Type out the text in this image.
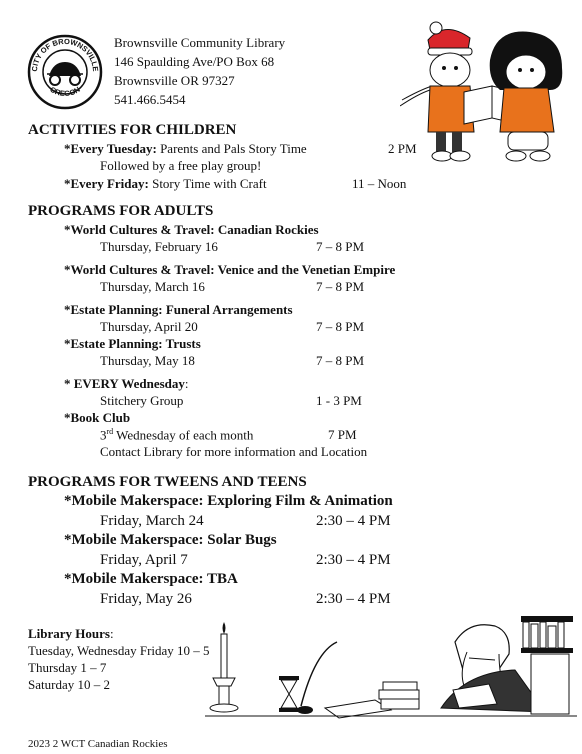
CITY OF BROWNSVILLE
OREGON
Brownsville Community Library
146 Spaulding Ave/PO Box 68
Brownsville OR 97327
541.466.5454
ACTIVITIES FOR CHILDREN
*Every Tuesday: Parents and Pals Story Time	2 PM
Followed by a free play group!
*Every Friday: Story Time with Craft	11 – Noon
PROGRAMS FOR ADULTS
*World Cultures & Travel: Canadian Rockies
Thursday, February 16	7 – 8 PM
*World Cultures & Travel: Venice and the Venetian Empire
Thursday, March 16	7 – 8 PM
*Estate Planning: Funeral Arrangements
Thursday, April 20	7 – 8 PM
*Estate Planning: Trusts
Thursday, May 18	7 – 8 PM
* EVERY Wednesday:
Stitchery Group	1 - 3 PM
*Book Club
3rd Wednesday of each month	7 PM
Contact Library for more information and Location
PROGRAMS FOR TWEENS AND TEENS
*Mobile Makerspace: Exploring Film & Animation
Friday, March 24	2:30 – 4 PM
*Mobile Makerspace: Solar Bugs
Friday, April 7	2:30 – 4 PM
*Mobile Makerspace: TBA
Friday, May 26	2:30 – 4 PM
Library Hours:
Tuesday, Wednesday Friday 10 – 5
Thursday 1 – 7
Saturday 10 – 2
2023 2 WCT Canadian Rockies
